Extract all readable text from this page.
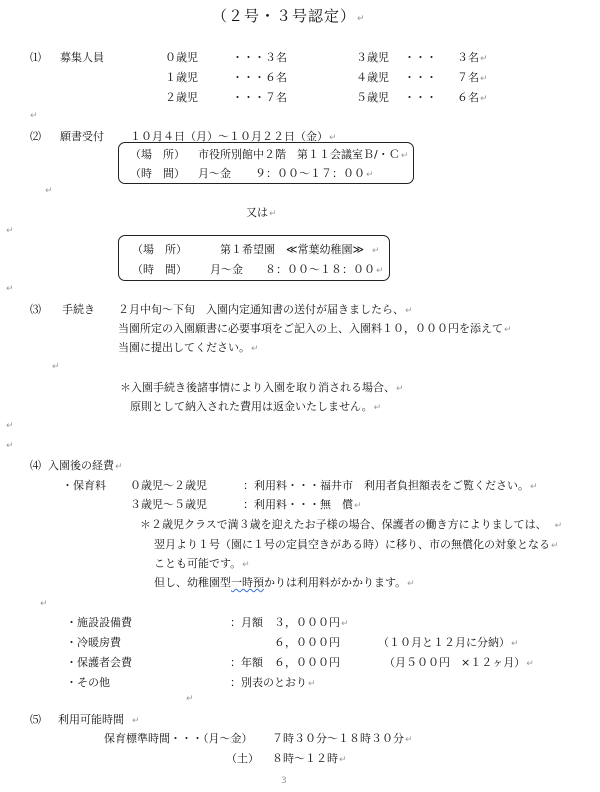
（２号・３号認定）↵
⑴ 募集人員	０歳児	・・・３名	３歳児 ・・・ ３名↵
１歳児	・・・６名	４歳児 ・・・ ７名↵
２歳児	・・・７名	５歳児 ・・・ ６名↵
↵
⑵ 願書受付 １０月４日（月）～１０月２２日（金）↵
（場　所） 市役所別館中２階　第１１会議室Ｂ/・Ｃ↵
（時　間） 月～金 ９：００～１７：００↵
↵
又は↵
↵
（場　所）	第１希望園　≪常葉幼稚園≫ ↵
（時　間） 月～金 ８：００～１８：００↵
↵
⑶ 手続き ２月中旬～下旬　入園内定通知書の送付が届きましたら、↵
当園所定の入園願書に必要事項をご記入の上、入園料１０，０００円を添えて↵
当園に提出してください。↵
↵
＊入園手続き後諸事情により入園を取り消される場合、↵
原則として納入された費用は返金いたしません。↵
↵
↵
⑷ 入園後の経費↵
・保育料 ０歳児～２歳児	：利用料・・・福井市　利用者負担額表をご覧ください。↵
３歳児～５歳児	：利用料・・・無　償↵
＊２歳児クラスで満３歳を迎えたお子様の場合、保護者の働き方によりましては、 ↵
翌月より１号（園に１号の定員空きがある時）に移り、市の無償化の対象となる↵
ことも可能です。↵
但し、幼稚園型一時預かりは利用料がかかります。↵
↵
・施設設備費	：月額 ３，０００円↵
・冷暖房費	６，０００円	（１０月と１２月に分納）↵
・保護者会費	：年額 ６，０００円	（月５００円　×１２ヶ月）↵
・その他	：別表のとおり↵
↵
⑸ 利用可能時間 ↵
保育標準時間・・・（月～金） ７時３０分～１８時３０分↵
（土） ８時～１２時↵
3
